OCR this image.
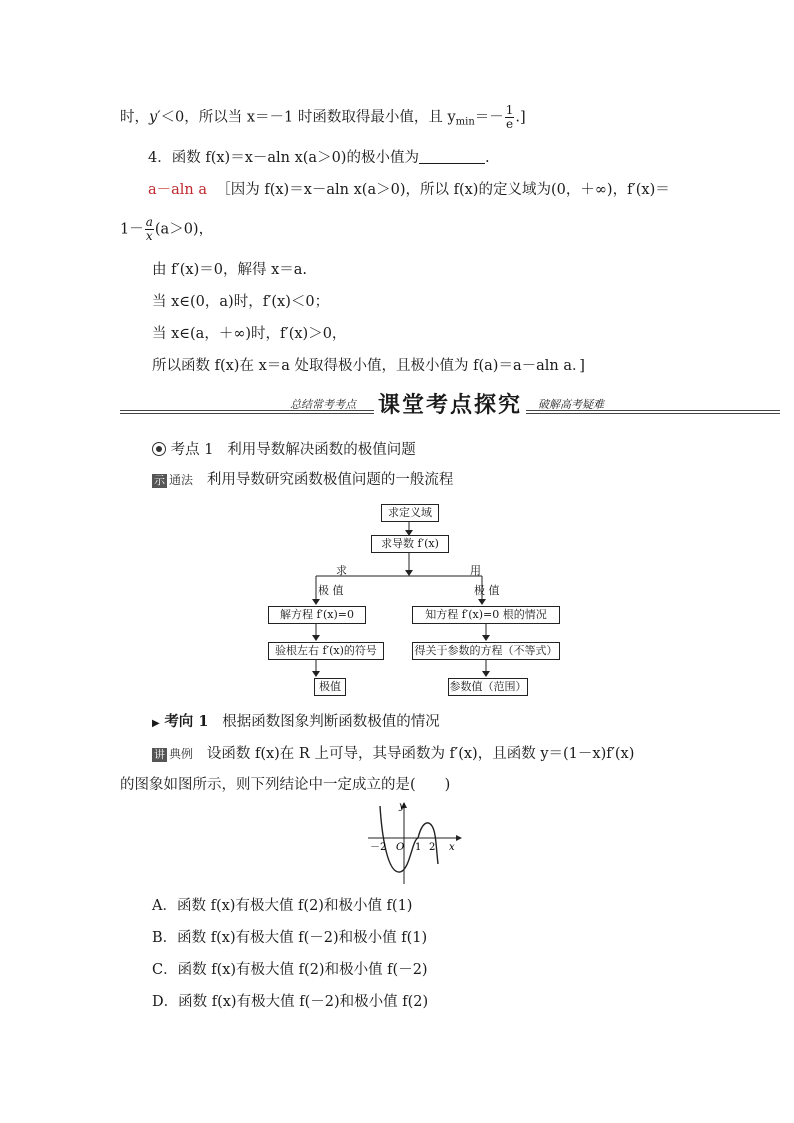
时，y′＜0，所以当 x＝－1 时函数取得最小值，且 $y_{min}=- \frac{1}{e}$ .]
4．函数 f(x)＝x－aln x(a＞0)的极小值为	.
a－aln a ［因为 f(x)＝x－aln x(a＞0)，所以 f(x)的定义域为(0，＋∞)，f′(x)＝
$1- \frac{a}{x} (a>0)$，
由 f′(x)＝0，解得 x＝a.
当 x∈(0，a)时，f′(x)＜0；
当 x∈(a，＋∞)时，f′(x)＞0，
所以函数 f(x)在 x＝a 处取得极小值，且极小值为 f(a)＝a－aln a．]
总结常考考点 课堂考点探究	破解高考疑难
考点 1 利用导数解决函数的极值问题
示 通法 利用导数研究函数极值问题的一般流程
求定义域
求导数 f′(x)
求
极 值
用
极 值
解方程 f′(x)=0
验根左右 f′(x)的符号
极值
知方程 f′(x)=0 根的情况
得关于参数的方程（不等式）
参数值（范围）
▶ 考向 1 根据函数图象判断函数极值的情况
讲 典例 设函数 f(x)在 R 上可导，其导函数为 f′(x)，且函数 y＝(1－x)f′(x)
的图象如图所示，则下列结论中一定成立的是(　　)
y
x
O
－2	1 2
A．函数 f(x)有极大值 f(2)和极小值 f(1)
B．函数 f(x)有极大值 f(－2)和极小值 f(1)
C．函数 f(x)有极大值 f(2)和极小值 f(－2)
D．函数 f(x)有极大值 f(－2)和极小值 f(2)
